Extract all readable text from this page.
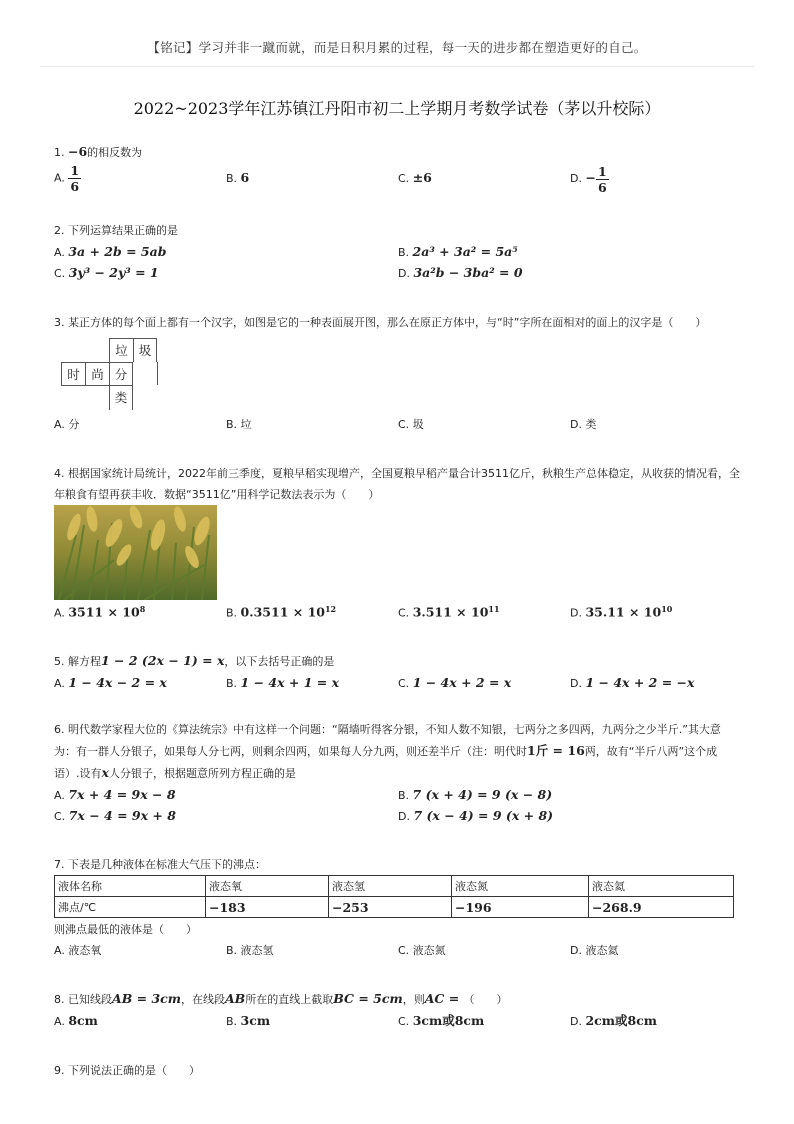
【铭记】学习并非一蹴而就，而是日积月累的过程，每一天的进步都在塑造更好的自己。
2022~2023学年江苏镇江丹阳市初二上学期月考数学试卷（茅以升校际）
1. −6的相反数为
A. $\frac{1}{6}$	B. 6	C. ±6	D. − $\frac{1}{6}$
2. 下列运算结果正确的是
A. 3a + 2b = 5ab	B. 2a³ + 3a² = 5a⁵
C. 3y³ − 2y³ = 1	D. 3a²b − 3ba² = 0
3. 某正方体的每个面上都有一个汉字，如图是它的一种表面展开图，那么在原正方体中，与“时”字所在面相对的面上的汉字是（　　）
垃 圾
时 尚 分
类
A. 分	B. 垃	C. 圾	D. 类
4. 根据国家统计局统计，2022年前三季度，夏粮早稻实现增产，全国夏粮早稻产量合计3511亿斤，秋粮生产总体稳定，从收获的情况看，全
年粮食有望再获丰收．数据“3511亿”用科学记数法表示为（　　）
A. $3511 \times 10^8$	B. $0.3511 \times 10^{12}$	C. $3.511 \times 10^{11}$	D. $35.11 \times 10^{10}$
5. 解方程1 − 2 (2x − 1) = x，以下去括号正确的是
A. 1 − 4x − 2 = x	B. 1 − 4x + 1 = x	C. 1 − 4x + 2 = x	D. 1 − 4x + 2 = −x
6. 明代数学家程大位的《算法统宗》中有这样一个问题：“隔墙听得客分银，不知人数不知银，七两分之多四两，九两分之少半斤.”其大意
为：有一群人分银子，如果每人分七两，则剩余四两，如果每人分九两，则还差半斤（注：明代时1斤 = 16两，故有“半斤八两”这个成
语）.设有x人分银子，根据题意所列方程正确的是
A. 7x + 4 = 9x − 8	B. 7 (x + 4) = 9 (x − 8)
C. 7x − 4 = 9x + 8	D. 7 (x − 4) = 9 (x + 8)
7. 下表是几种液体在标准大气压下的沸点：
液体名称	液态氧	液态氢	液态氮	液态氦
沸点/℃	−183	−253	−196	−268.9
则沸点最低的液体是（　　）
A. 液态氧	B. 液态氢	C. 液态氮	D. 液态氦
8. 已知线段AB = 3cm，在线段AB所在的直线上截取BC = 5cm，则AC = （　　）
A. 8cm	B. 3cm	C. 3cm或8cm	D. 2cm或8cm
9. 下列说法正确的是（　　）
